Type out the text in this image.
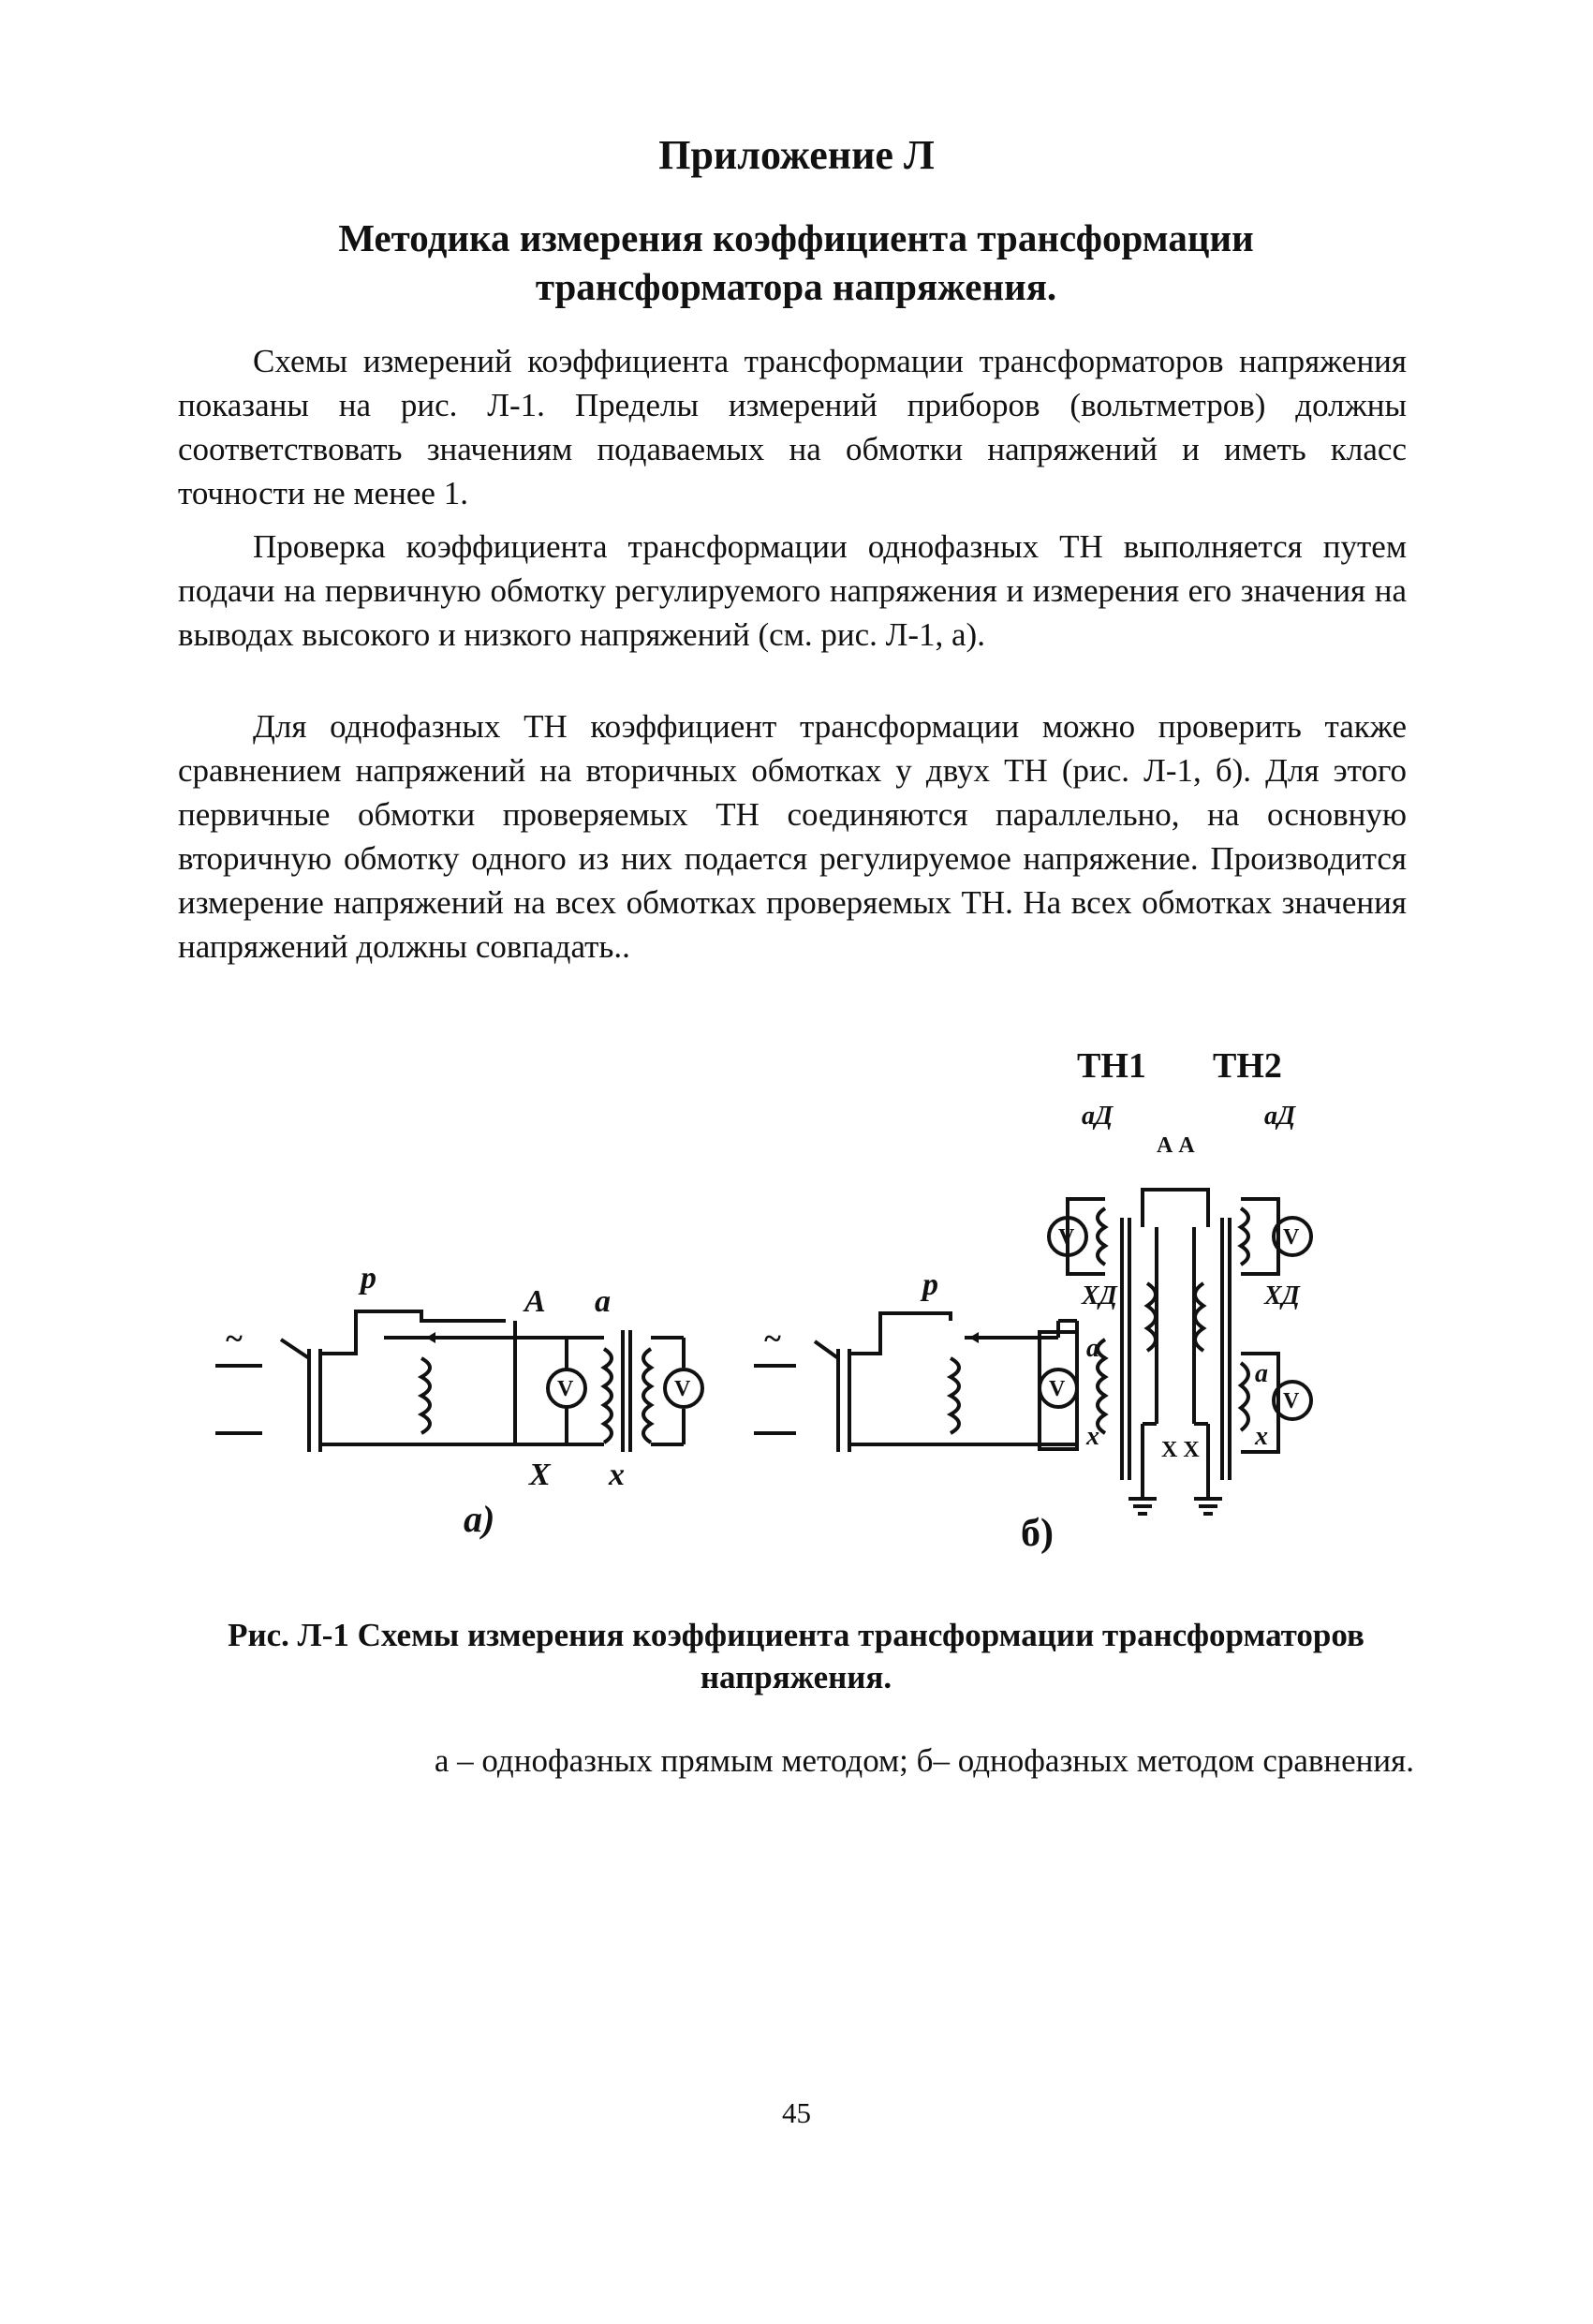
Приложение Л
Методика измерения коэффициента трансформации трансформатора напряжения.

Схемы измерений коэффициента трансформации трансформаторов напряжения показаны на рис. Л-1. Пределы измерений приборов (вольтметров) должны соответствовать значениям подаваемых на обмотки напряжений и иметь класс точности не менее 1.

Проверка коэффициента трансформации однофазных ТН выполняется путем подачи на первичную обмотку регулируемого напряжения и измерения его значения на выводах высокого и низкого напряжений (см. рис. Л-1, а).

Для однофазных ТН коэффициент трансформации можно проверить также сравнением напряжений на вторичных обмотках у двух ТН (рис. Л-1, б). Для этого первичные обмотки проверяемых ТН соединяются параллельно, на основную вторичную обмотку одного из них подается регулируемое напряжение. Производится измерение напряжений на всех обмотках проверяемых ТН. На всех обмотках значения напряжений должны совпадать..

~
р
А
Х
а
х
V	V
а)
~
р
ТН1 ТН2
А А
Х Х
аД
ХД
аД
ХД
а
х
а
х
V
V	V
V
б)

Рис. Л-1 Схемы измерения коэффициента трансформации трансформаторов напряжения.

а – однофазных прямым методом; б– однофазных методом сравнения.

45
